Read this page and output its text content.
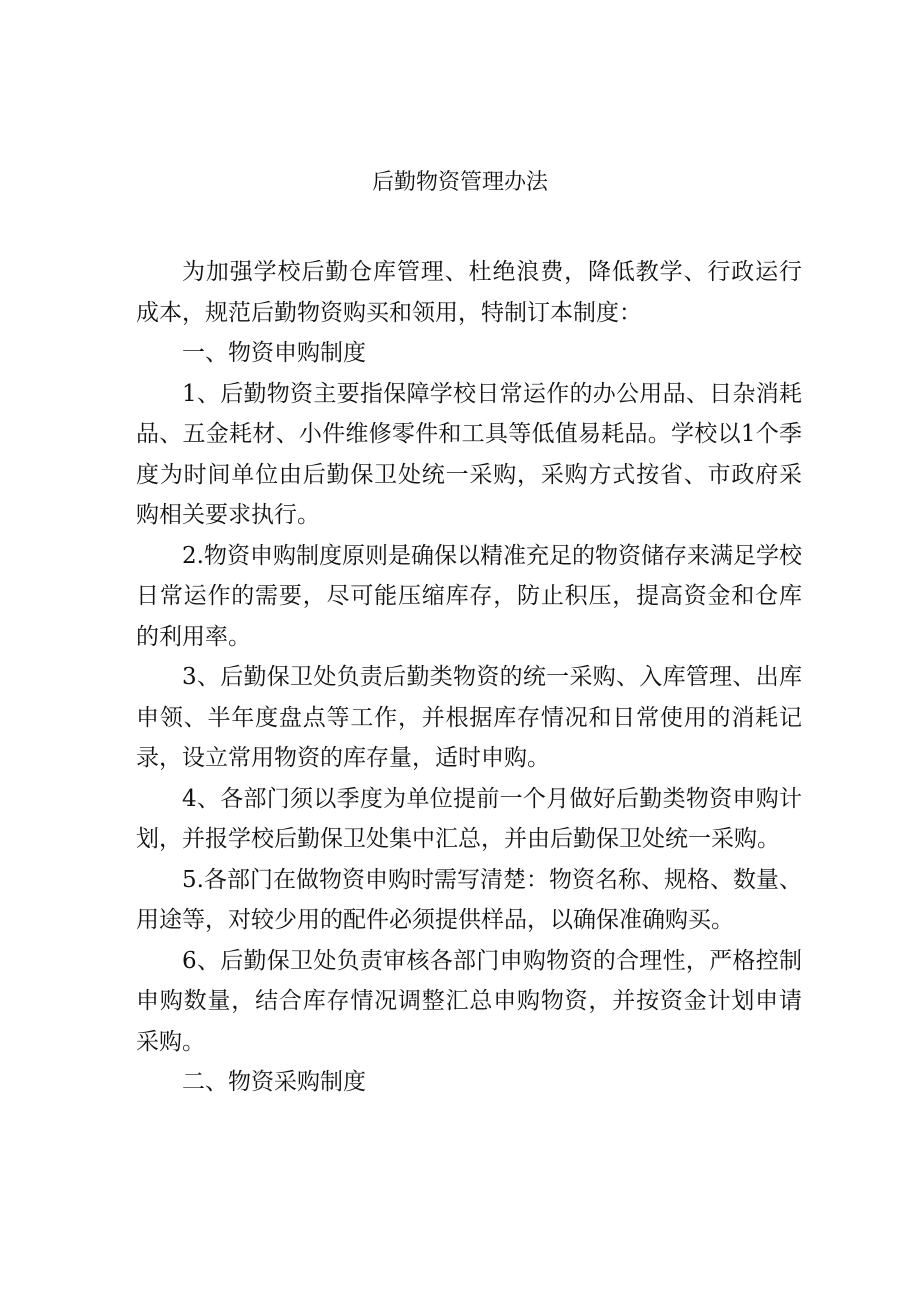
后勤物资管理办法

为加强学校后勤仓库管理、杜绝浪费，降低教学、行政运行成本，规范后勤物资购买和领用，特制订本制度：

一、物资申购制度

1、后勤物资主要指保障学校日常运作的办公用品、日杂消耗品、五金耗材、小件维修零件和工具等低值易耗品。学校以1个季度为时间单位由后勤保卫处统一采购，采购方式按省、市政府采购相关要求执行。

2.物资申购制度原则是确保以精准充足的物资储存来满足学校日常运作的需要，尽可能压缩库存，防止积压，提高资金和仓库的利用率。

3、后勤保卫处负责后勤类物资的统一采购、入库管理、出库申领、半年度盘点等工作，并根据库存情况和日常使用的消耗记录，设立常用物资的库存量，适时申购。

4、各部门须以季度为单位提前一个月做好后勤类物资申购计划，并报学校后勤保卫处集中汇总，并由后勤保卫处统一采购。

5.各部门在做物资申购时需写清楚：物资名称、规格、数量、用途等，对较少用的配件必须提供样品，以确保准确购买。

6、后勤保卫处负责审核各部门申购物资的合理性，严格控制申购数量，结合库存情况调整汇总申购物资，并按资金计划申请采购。

二、物资采购制度
